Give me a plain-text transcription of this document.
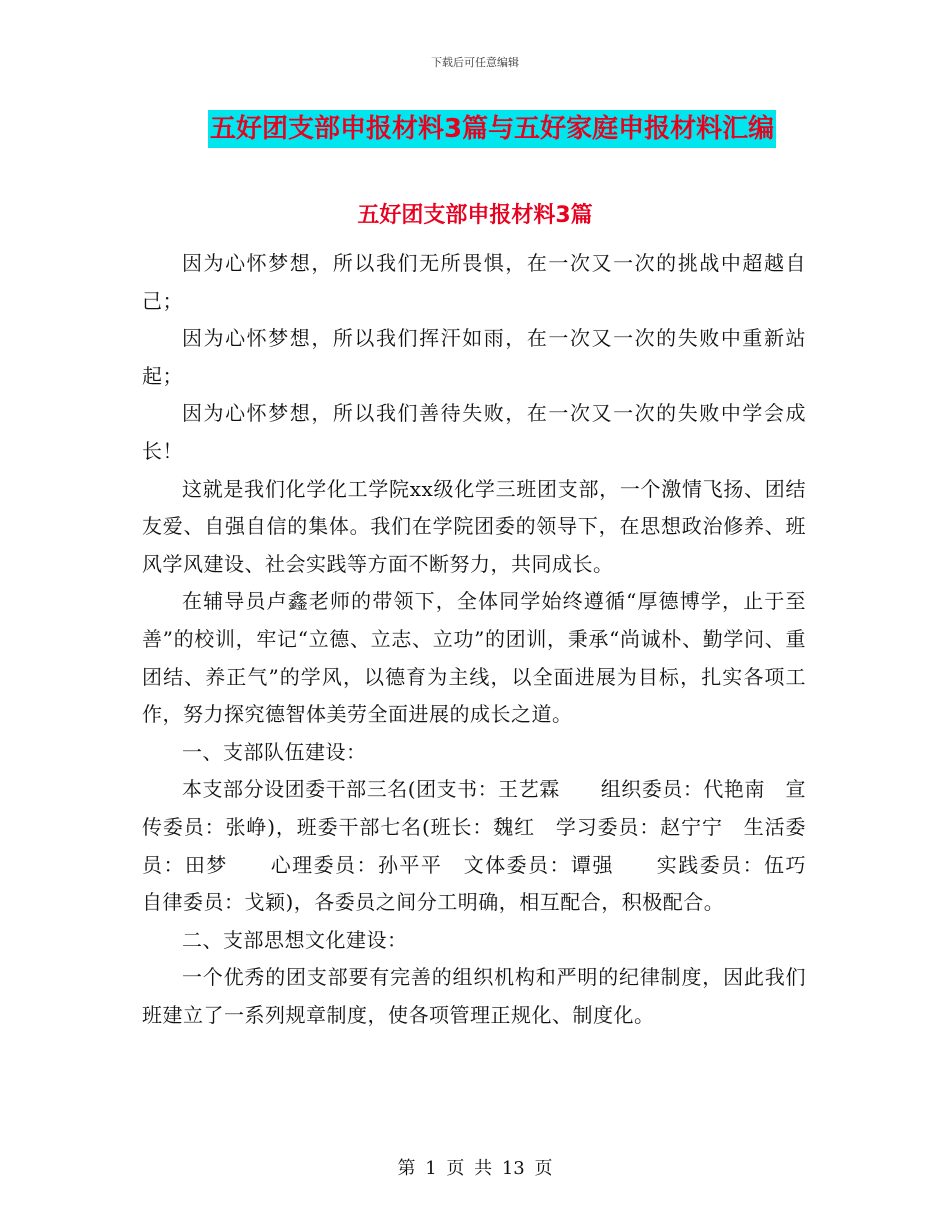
下载后可任意编辑
五好团支部申报材料3篇与五好家庭申报材料汇编
五好团支部申报材料3篇

因为心怀梦想，所以我们无所畏惧，在一次又一次的挑战中超越自己；

因为心怀梦想，所以我们挥汗如雨，在一次又一次的失败中重新站起；

因为心怀梦想，所以我们善待失败，在一次又一次的失败中学会成长！

这就是我们化学化工学院xx级化学三班团支部，一个激情飞扬、团结友爱、自强自信的集体。我们在学院团委的领导下，在思想政治修养、班风学风建设、社会实践等方面不断努力，共同成长。

在辅导员卢鑫老师的带领下，全体同学始终遵循“厚德博学，止于至善”的校训，牢记“立德、立志、立功”的团训，秉承“尚诚朴、勤学问、重团结、养正气”的学风，以德育为主线，以全面进展为目标，扎实各项工作，努力探究德智体美劳全面进展的成长之道。

一、支部队伍建设：

本支部分设团委干部三名(团支书：王艺霖　　组织委员：代艳南　宣传委员：张峥)，班委干部七名(班长：魏红　学习委员：赵宁宁　生活委员：田梦　　心理委员：孙平平　文体委员：谭强　　实践委员：伍巧　　自律委员：戈颖)，各委员之间分工明确，相互配合，积极配合。

二、支部思想文化建设：

一个优秀的团支部要有完善的组织机构和严明的纪律制度，因此我们班建立了一系列规章制度，使各项管理正规化、制度化。

第 1 页 共 13 页
